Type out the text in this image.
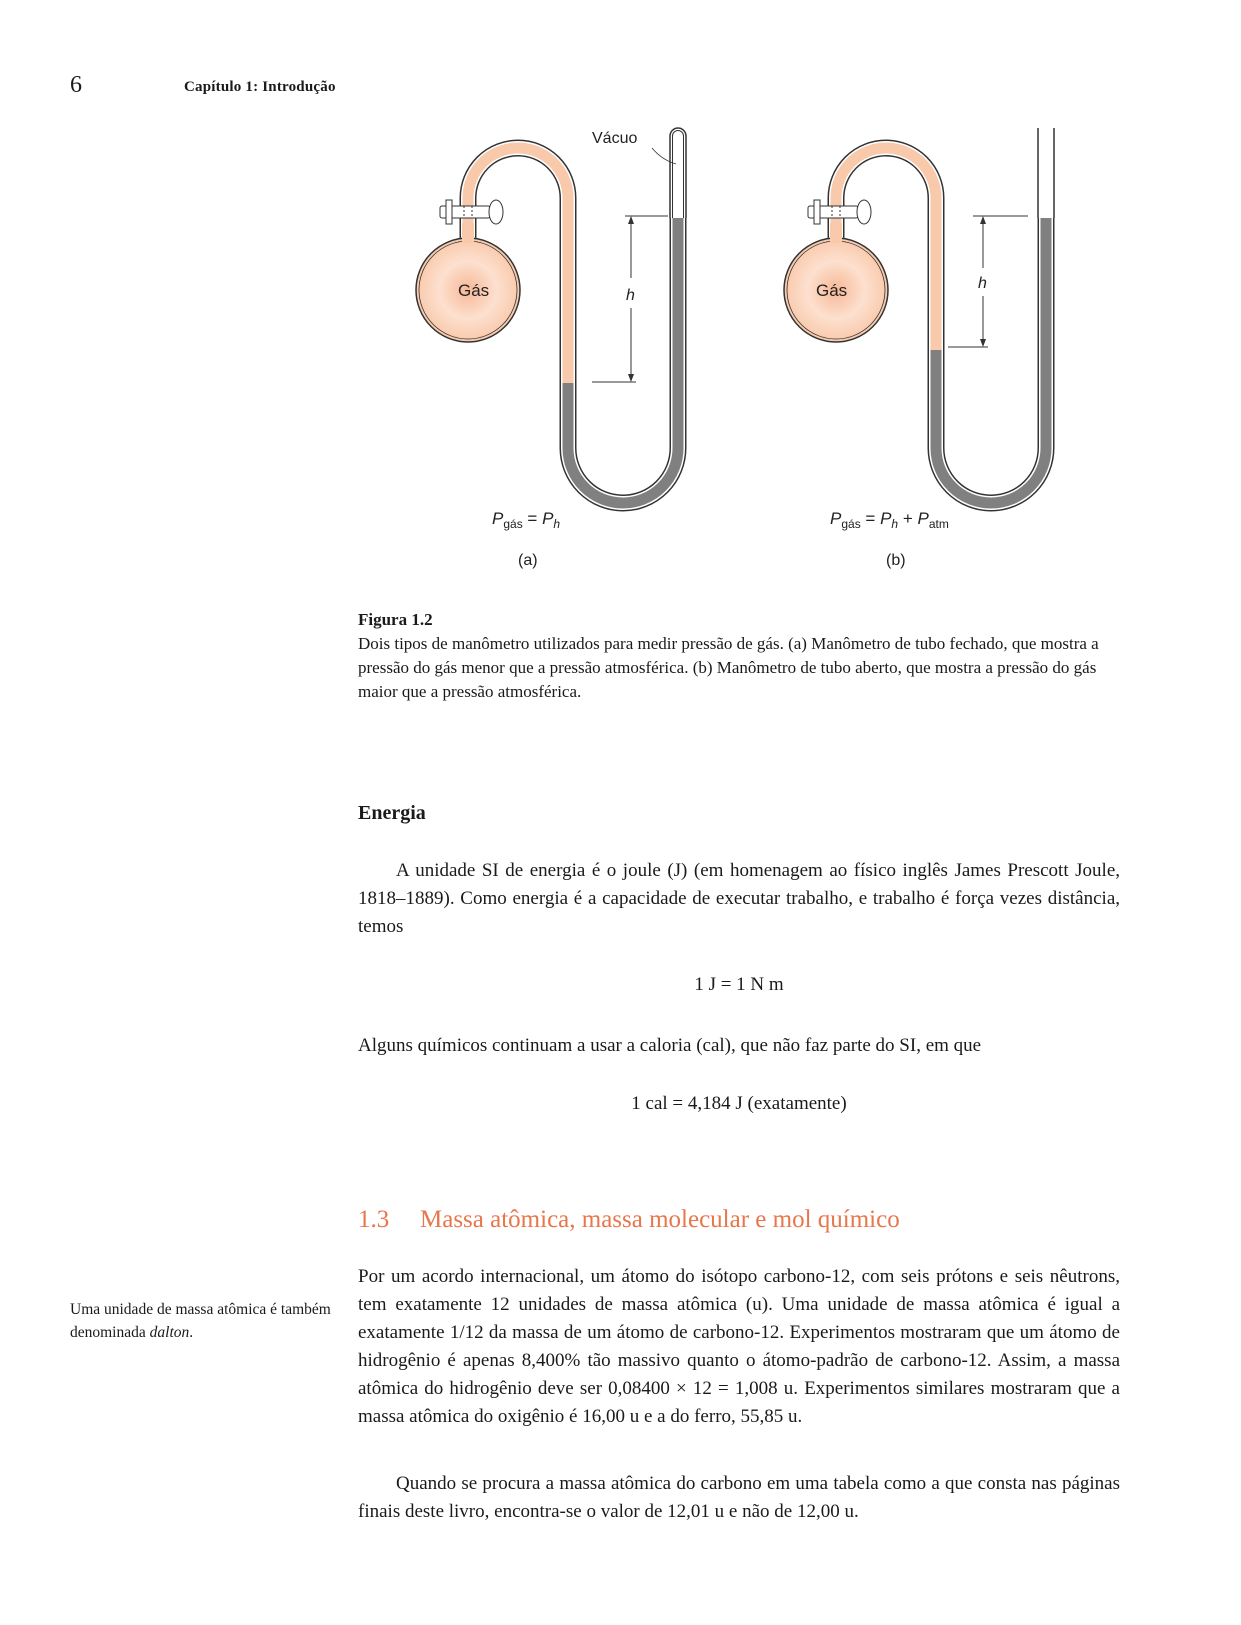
6	Capítulo 1: Introdução
Gás
Vácuo
h
$P_{gás} = P_h$
(a)
Gás	h
$P_{gás} = P_h + P_{atm}$
(b)
Figura 1.2
Dois tipos de manômetro utilizados para medir pressão de gás. (a) Manômetro de tubo fechado, que mostra a pressão do gás menor que a pressão atmosférica. (b) Manômetro de tubo aberto, que mostra a pressão do gás maior que a pressão atmosférica.
Energia
A unidade SI de energia é o joule (J) (em homenagem ao físico inglês James Prescott Joule, 1818–1889). Como energia é a capacidade de executar trabalho, e trabalho é força vezes distância, temos
1 J = 1 N m
Alguns químicos continuam a usar a caloria (cal), que não faz parte do SI, em que
1 cal = 4,184 J (exatamente)
1.3 Massa atômica, massa molecular e mol químico
Por um acordo internacional, um átomo do isótopo carbono-12, com seis prótons e seis nêutrons, tem exatamente 12 unidades de massa atômica (u). Uma unidade de massa atômica é igual a exatamente 1/12 da massa de um átomo de carbono-12. Experimentos mostraram que um átomo de hidrogênio é apenas 8,400% tão massivo quanto o átomo-padrão de carbono-12. Assim, a massa atômica do hidrogênio deve ser 0,08400 × 12 = 1,008 u. Experimentos similares mostraram que a massa atômica do oxigênio é 16,00 u e a do ferro, 55,85 u.
Quando se procura a massa atômica do carbono em uma tabela como a que consta nas páginas finais deste livro, encontra-se o valor de 12,01 u e não de 12,00 u.
Uma unidade de massa atômica é também denominada dalton.
